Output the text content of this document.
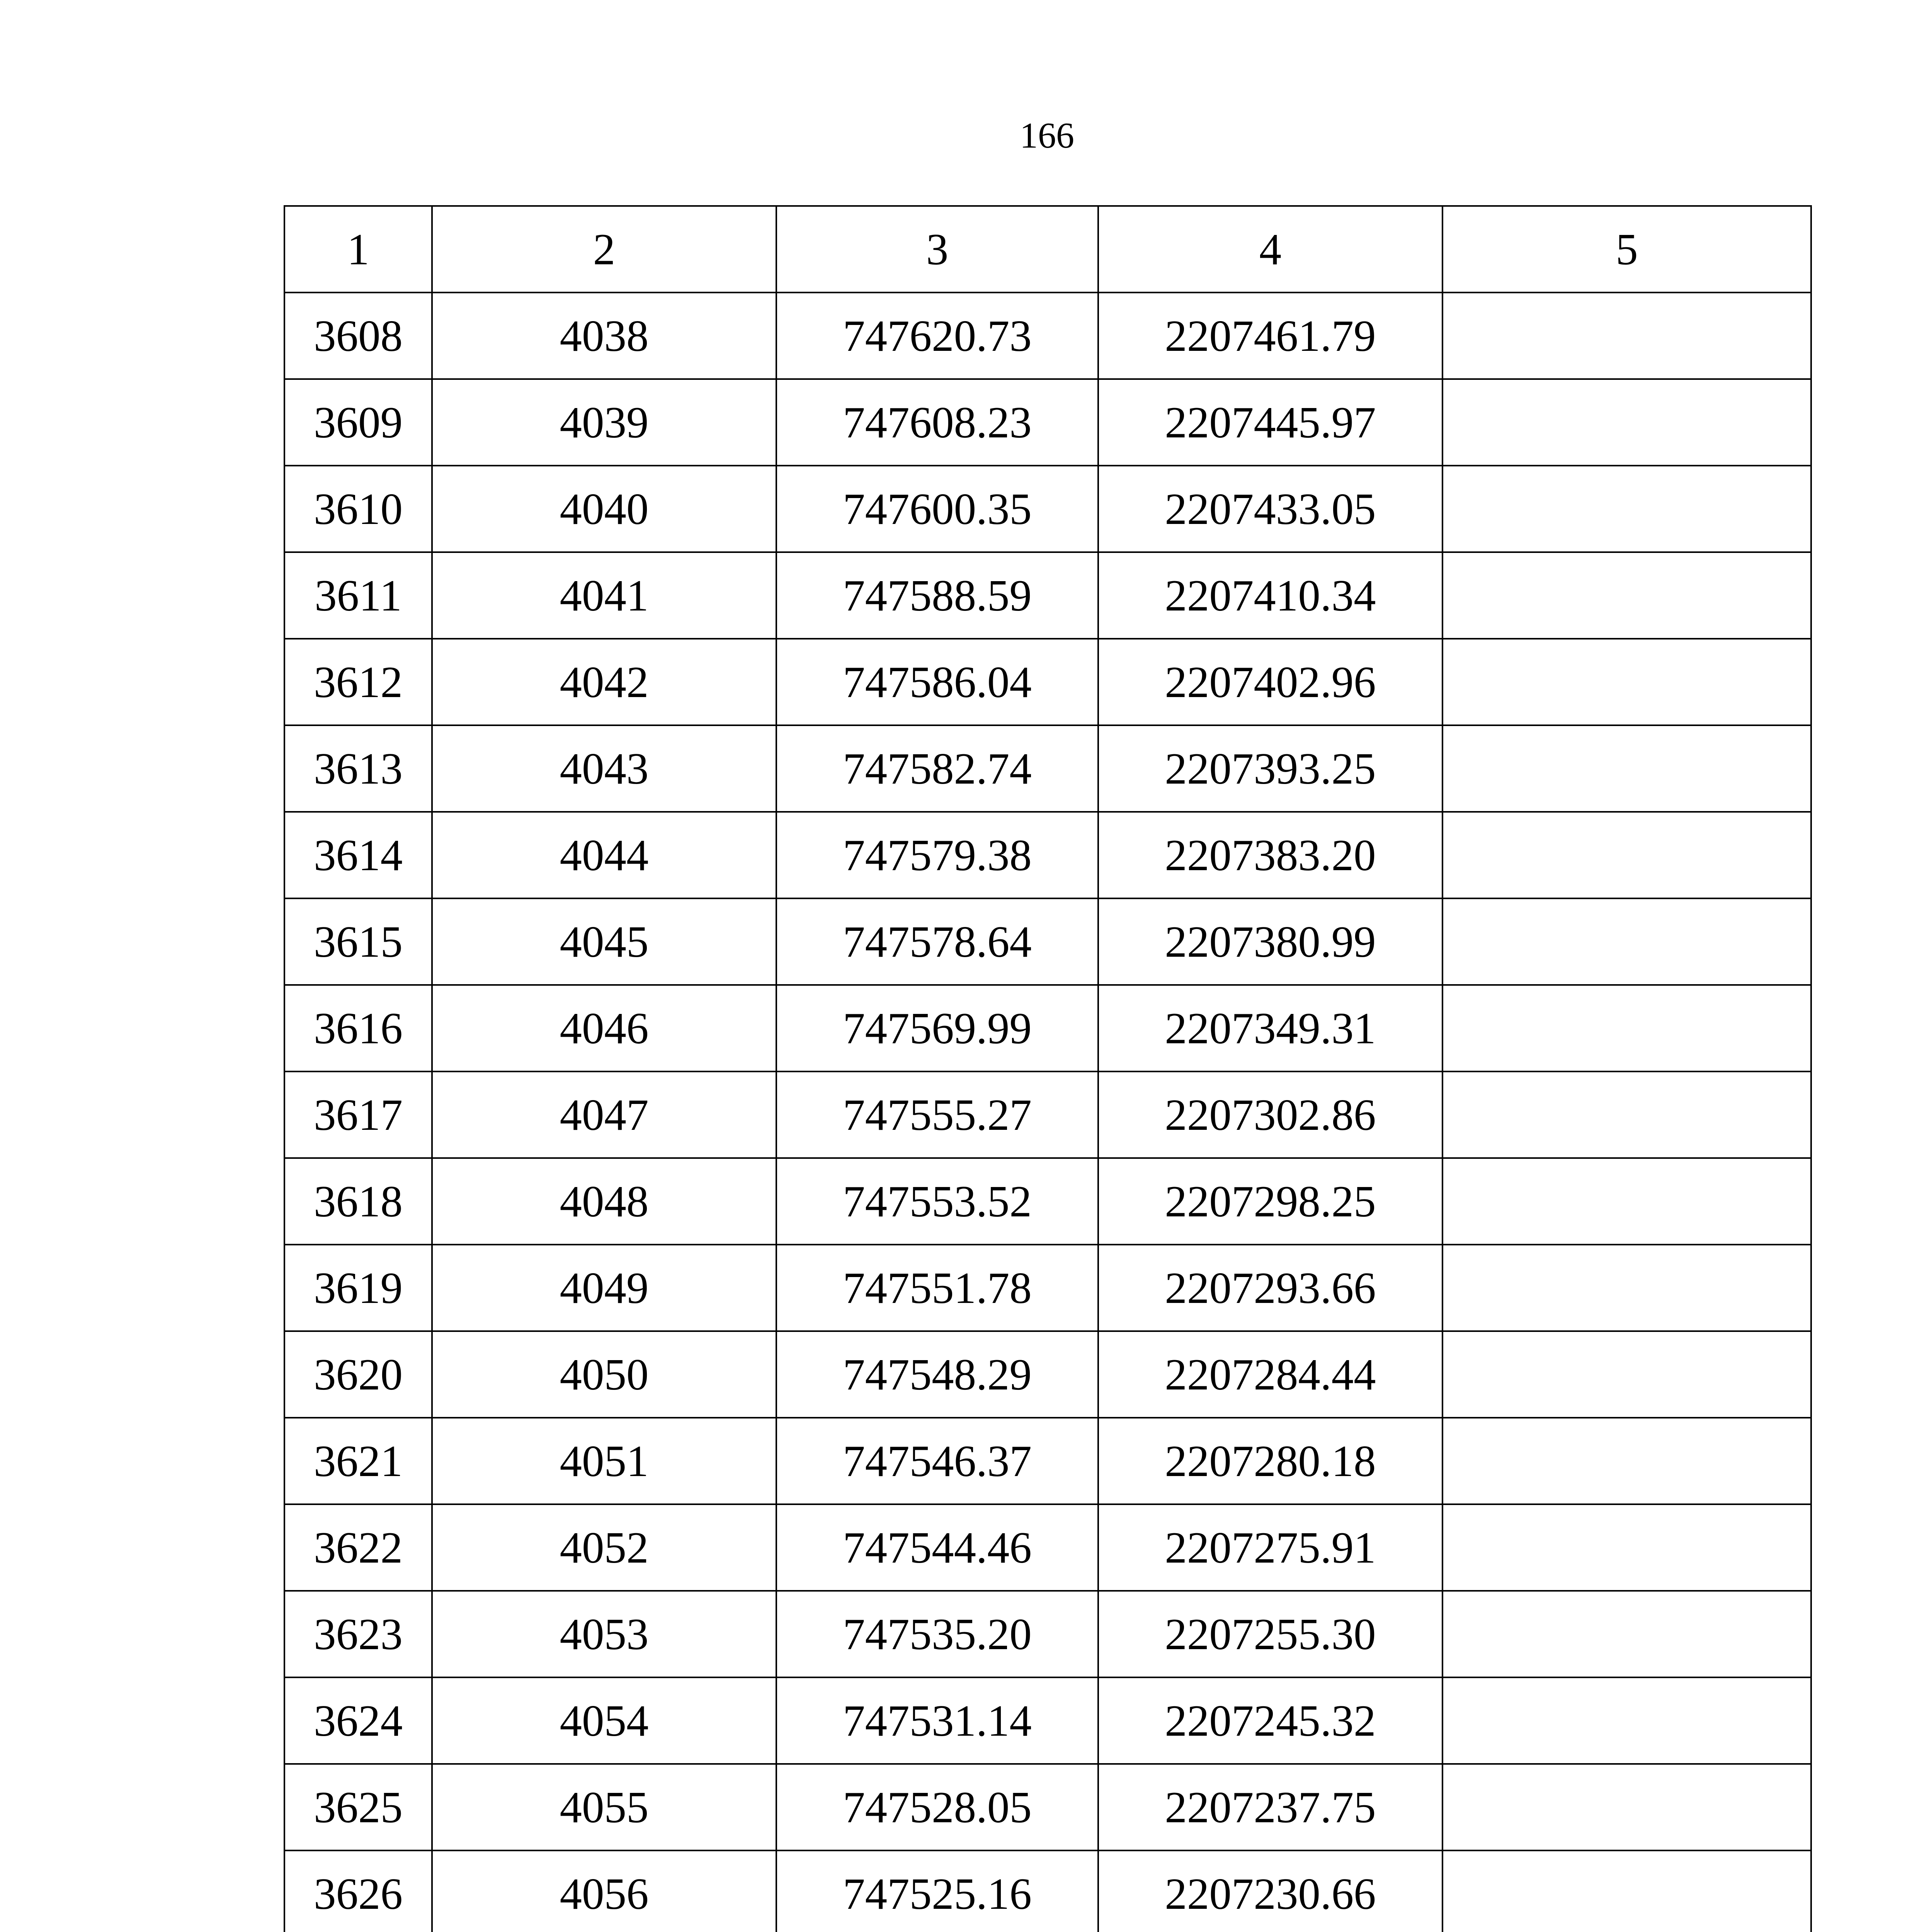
166
1	2	3	4	5
3608	4038	747620.73	2207461.79	
3609	4039	747608.23	2207445.97	
3610	4040	747600.35	2207433.05	
3611	4041	747588.59	2207410.34	
3612	4042	747586.04	2207402.96	
3613	4043	747582.74	2207393.25	
3614	4044	747579.38	2207383.20	
3615	4045	747578.64	2207380.99	
3616	4046	747569.99	2207349.31	
3617	4047	747555.27	2207302.86	
3618	4048	747553.52	2207298.25	
3619	4049	747551.78	2207293.66	
3620	4050	747548.29	2207284.44	
3621	4051	747546.37	2207280.18	
3622	4052	747544.46	2207275.91	
3623	4053	747535.20	2207255.30	
3624	4054	747531.14	2207245.32	
3625	4055	747528.05	2207237.75	
3626	4056	747525.16	2207230.66	
